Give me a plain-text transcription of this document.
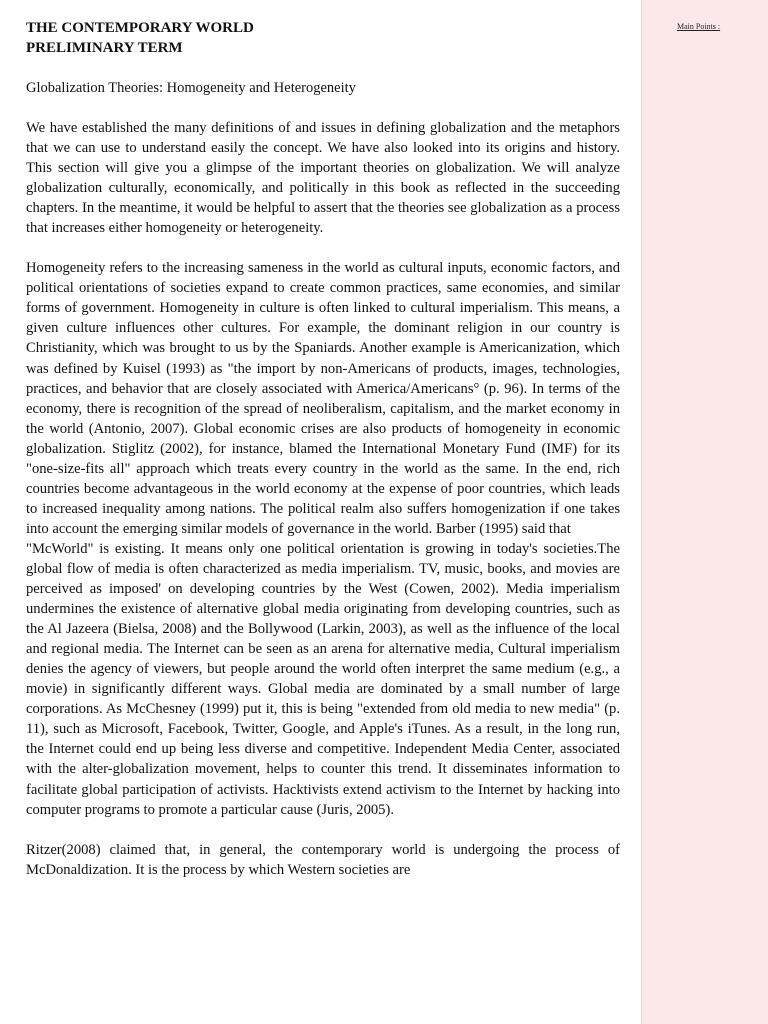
THE CONTEMPORARY WORLD

PRELIMINARY TERM

Globalization Theories: Homogeneity and Heterogeneity

We have established the many definitions of and issues in defining globalization and the metaphors that we can use to understand easily the concept. We have also looked into its origins and history. This section will give you a glimpse of the important theories on globalization. We will analyze globalization culturally, economically, and politically in this book as reflected in the succeeding chapters. In the meantime, it would be helpful to assert that the theories see globalization as a process that increases either homogeneity or heterogeneity.

Homogeneity refers to the increasing sameness in the world as cultural inputs, economic factors, and political orientations of societies expand to create common practices, same economies, and similar forms of government. Homogeneity in culture is often linked to cultural imperialism. This means, a given culture influences other cultures. For example, the dominant religion in our country is Christianity, which was brought to us by the Spaniards. Another example is Americanization, which was defined by Kuisel (1993) as "the import by non-Americans of products, images, technologies, practices, and behavior that are closely associated with America/Americans° (p. 96). In terms of the economy, there is recognition of the spread of neoliberalism, capitalism, and the market economy in the world (Antonio, 2007). Global economic crises are also products of homogeneity in economic globalization. Stiglitz (2002), for instance, blamed the International Monetary Fund (IMF) for its "one-size-fits all" approach which treats every country in the world as the same. In the end, rich countries become advantageous in the world economy at the expense of poor countries, which leads to increased inequality among nations. The political realm also suffers homogenization if one takes into account the emerging similar models of governance in the world. Barber (1995) said that

"McWorld" is existing. It means only one political orientation is growing in today's societies.The global flow of media is often characterized as media imperialism. TV, music, books, and movies are perceived as imposed' on developing countries by the West (Cowen, 2002). Media imperialism undermines the existence of alternative global media originating from developing countries, such as the Al Jazeera (Bielsa, 2008) and the Bollywood (Larkin, 2003), as well as the influence of the local and regional media. The Internet can be seen as an arena for alternative media, Cultural imperialism denies the agency of viewers, but people around the world often interpret the same medium (e.g., a movie) in significantly different ways. Global media are dominated by a small number of large corporations. As McChesney (1999) put it, this is being "extended from old media to new media" (p. 11), such as Microsoft, Facebook, Twitter, Google, and Apple's iTunes. As a result, in the long run, the Internet could end up being less diverse and competitive. Independent Media Center, associated with the alter-globalization movement, helps to counter this trend. It disseminates information to facilitate global participation of activists. Hacktivists extend activism to the Internet by hacking into computer programs to promote a particular cause (Juris, 2005).

Ritzer(2008) claimed that, in general, the contemporary world is undergoing the process of McDonaldization. It is the process by which Western societies are

Main Points :
